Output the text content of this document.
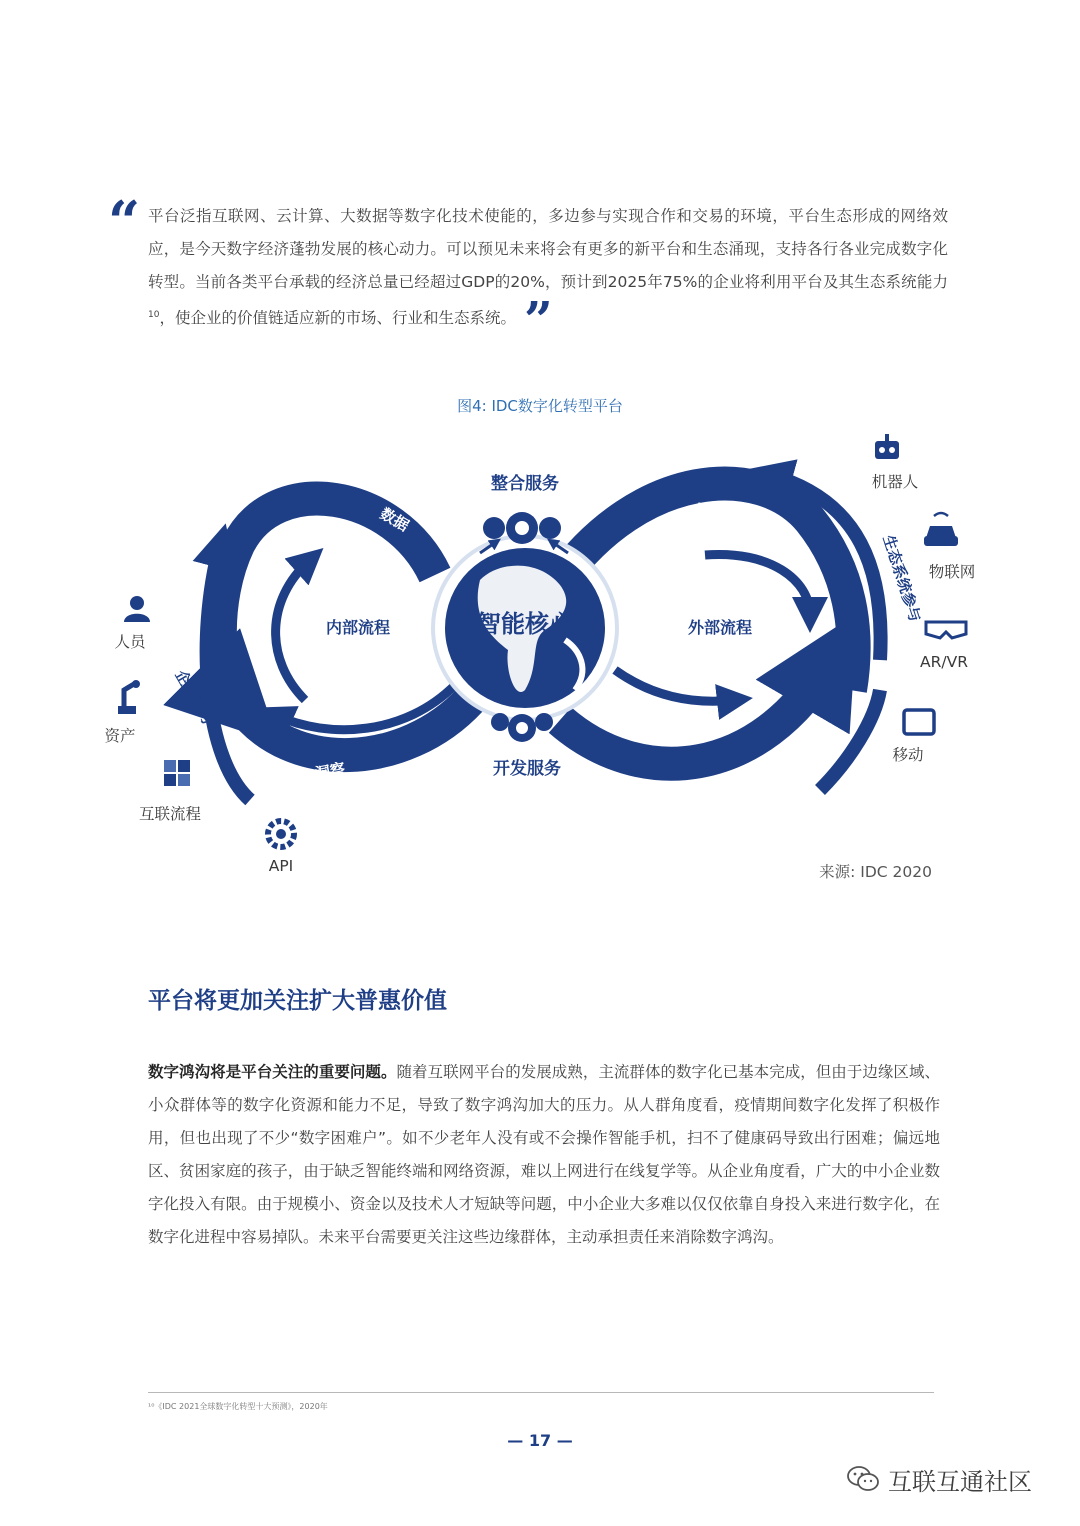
“ 平台泛指互联网、云计算、大数据等数字化技术使能的，多边参与实现合作和交易的环境，平台生态形成的网络效应，是今天数字经济蓬勃发展的核心动力。可以预见未来将会有更多的新平台和生态涌现，支持各行各业完成数字化转型。当前各类平台承载的经济总量已经超过GDP的20%，预计到2025年75%的企业将利用平台及其生态系统能力$^{10}$，使企业的价值链适应新的市场、行业和生态系统。 ”
图4: IDC数字化转型平台
智能核心
整合服务
开发服务
内部流程	外部流程
数据	数据
洞察
行动
企业参与
生态系统参与
人员
资产
互联流程
API
机器人
物联网
AR/VR
移动
来源: IDC 2020
平台将更加关注扩大普惠价值
数字鸿沟将是平台关注的重要问题。随着互联网平台的发展成熟，主流群体的数字化已基本完成，但由于边缘区域、小众群体等的数字化资源和能力不足，导致了数字鸿沟加大的压力。从人群角度看，疫情期间数字化发挥了积极作用，但也出现了不少“数字困难户”。如不少老年人没有或不会操作智能手机，扫不了健康码导致出行困难；偏远地区、贫困家庭的孩子，由于缺乏智能终端和网络资源，难以上网进行在线复学等。从企业角度看，广大的中小企业数字化投入有限。由于规模小、资金以及技术人才短缺等问题，中小企业大多难以仅仅依靠自身投入来进行数字化，在数字化进程中容易掉队。未来平台需要更关注这些边缘群体，主动承担责任来消除数字鸿沟。
¹⁰《IDC 2021全球数字化转型十大预测》，2020年
— 17 —
互联互通社区
